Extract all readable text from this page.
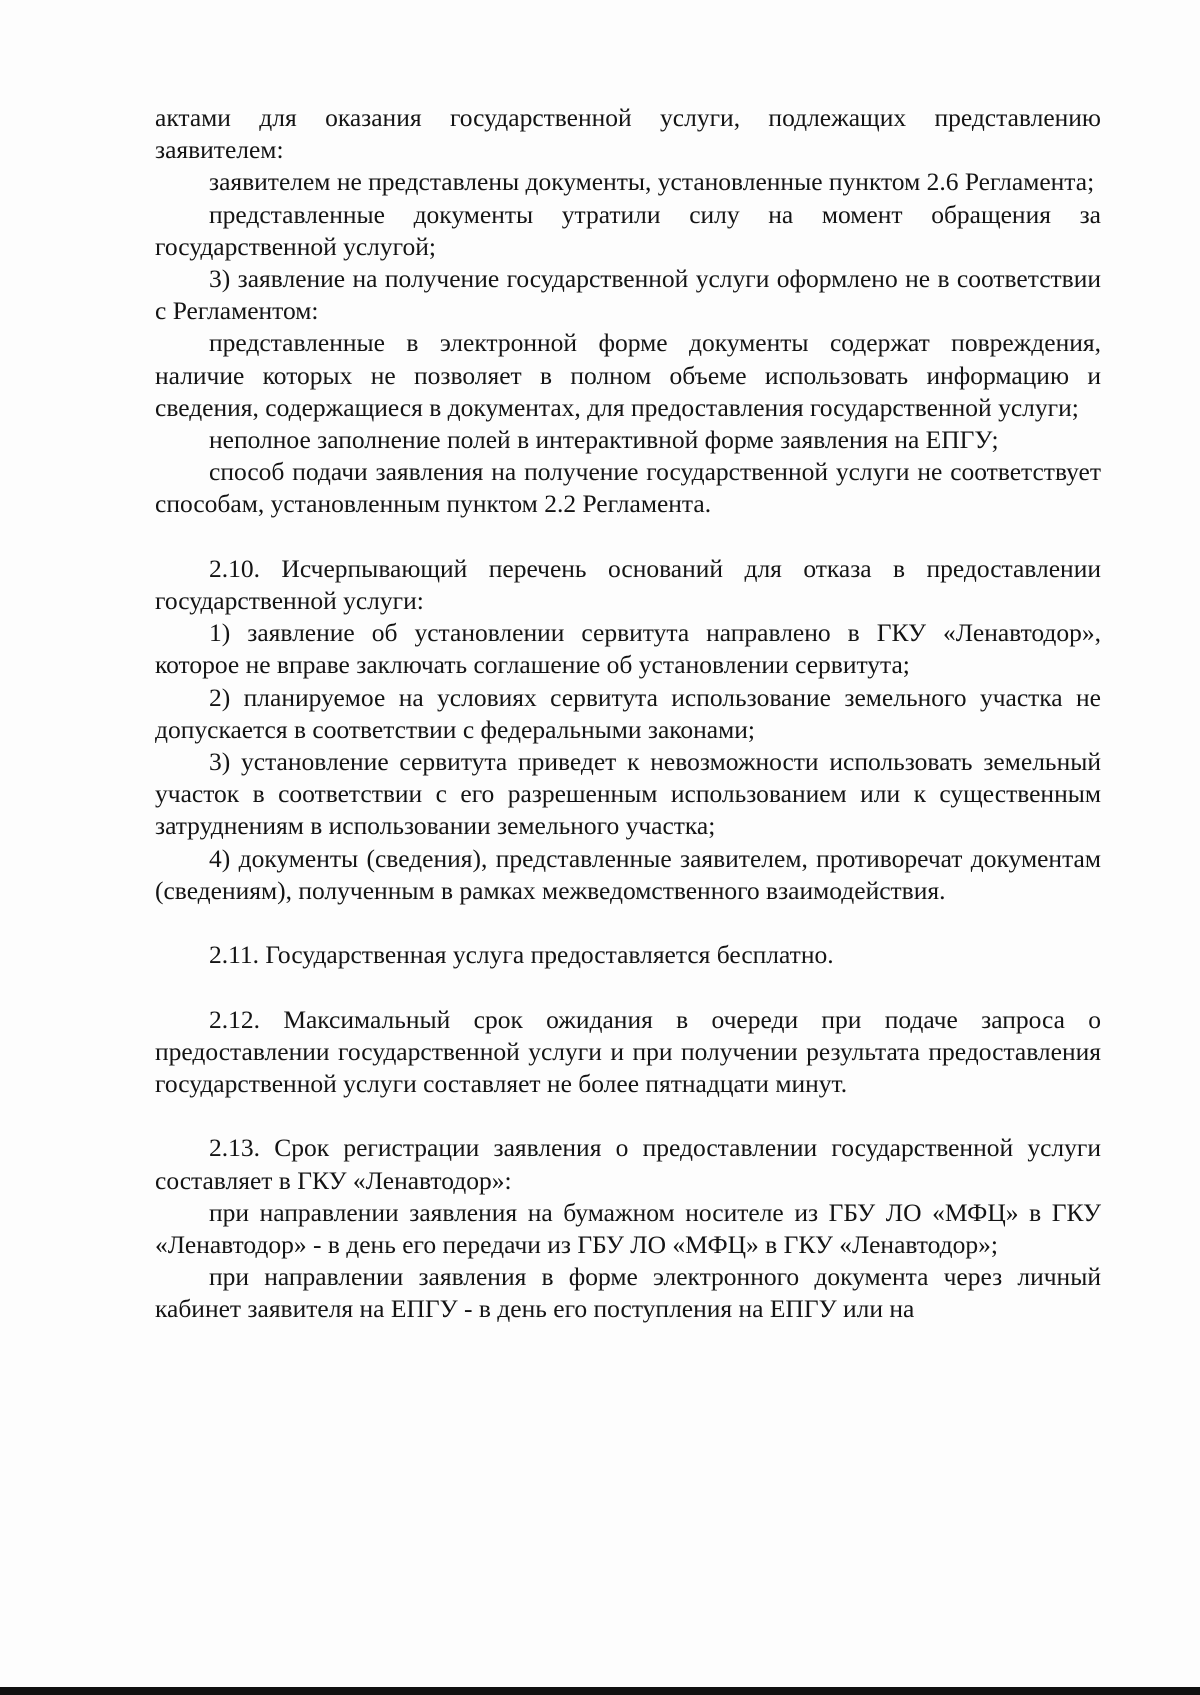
актами для оказания государственной услуги, подлежащих представлению заявителем:

заявителем не представлены документы, установленные пунктом 2.6 Регламента;

представленные документы утратили силу на момент обращения за государственной услугой;

3) заявление на получение государственной услуги оформлено не в соответствии с Регламентом:

представленные в электронной форме документы содержат повреждения, наличие которых не позволяет в полном объеме использовать информацию и сведения, содержащиеся в документах, для предоставления государственной услуги;

неполное заполнение полей в интерактивной форме заявления на ЕПГУ;

способ подачи заявления на получение государственной услуги не соответствует способам, установленным пунктом 2.2 Регламента.

2.10. Исчерпывающий перечень оснований для отказа в предоставлении государственной услуги:

1) заявление об установлении сервитута направлено в ГКУ «Ленавтодор», которое не вправе заключать соглашение об установлении сервитута;

2) планируемое на условиях сервитута использование земельного участка не допускается в соответствии с федеральными законами;

3) установление сервитута приведет к невозможности использовать земельный участок в соответствии с его разрешенным использованием или к существенным затруднениям в использовании земельного участка;

4) документы (сведения), представленные заявителем, противоречат документам (сведениям), полученным в рамках межведомственного взаимодействия.

2.11. Государственная услуга предоставляется бесплатно.

2.12. Максимальный срок ожидания в очереди при подаче запроса о предоставлении государственной услуги и при получении результата предоставления государственной услуги составляет не более пятнадцати минут.

2.13. Срок регистрации заявления о предоставлении государственной услуги составляет в ГКУ «Ленавтодор»:

при направлении заявления на бумажном носителе из ГБУ ЛО «МФЦ» в ГКУ «Ленавтодор» - в день его передачи из ГБУ ЛО «МФЦ» в ГКУ «Ленавтодор»;

при направлении заявления в форме электронного документа через личный кабинет заявителя на ЕПГУ - в день его поступления на ЕПГУ или на
